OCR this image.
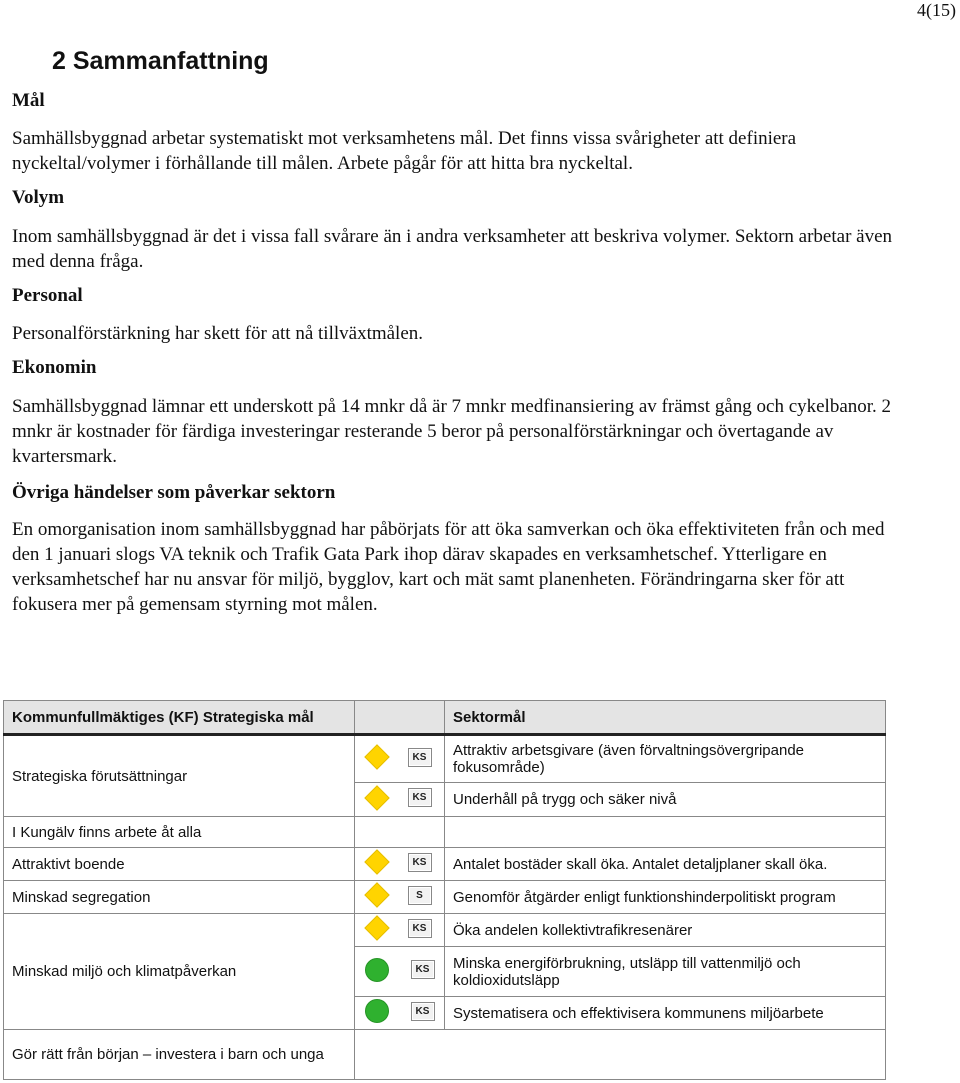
4(15)
2 Sammanfattning
Mål
Samhällsbyggnad arbetar systematiskt mot verksamhetens mål. Det finns vissa svårigheter att definiera nyckeltal/volymer i förhållande till målen. Arbete pågår för att hitta bra nyckeltal.
Volym
Inom samhällsbyggnad är det i vissa fall svårare än i andra verksamheter att beskriva volymer. Sektorn arbetar även med denna fråga.
Personal
Personalförstärkning har skett för att nå tillväxtmålen.
Ekonomin
Samhällsbyggnad lämnar ett underskott på 14 mnkr då är 7 mnkr medfinansiering av främst gång och cykelbanor. 2 mnkr är kostnader för färdiga investeringar resterande 5 beror på personalförstärkningar och övertagande av kvartersmark.
Övriga händelser som påverkar sektorn
En omorganisation inom samhällsbyggnad har påbörjats för att öka samverkan och öka effektiviteten från och med den 1 januari slogs VA teknik och Trafik Gata Park ihop därav skapades en verksamhetschef. Ytterligare en verksamhetschef har nu ansvar för miljö, bygglov, kart och mät samt planenheten. Förändringarna sker för att fokusera mer på gemensam styrning mot målen.
Kommunfullmäktiges (KF) Strategiska mål		Sektormål
Strategiska förutsättningar	KS	Attraktiv arbetsgivare (även förvaltningsövergripande fokusområde)

	KS	Underhåll på trygg och säker nivå
I Kungälv finns arbete åt alla		
Attraktivt boende	KS	Antalet bostäder skall öka. Antalet detaljplaner skall öka.
Minskad segregation	S	Genomför åtgärder enligt funktionshinderpolitiskt program
Minskad miljö och klimatpåverkan	KS	Öka andelen kollektivtrafikresenärer

	KS	Minska energiförbrukning, utsläpp till vattenmiljö och koldioxidutsläpp

	KS	Systematisera och effektivisera kommunens miljöarbete
Gör rätt från början – investera i barn och unga		
